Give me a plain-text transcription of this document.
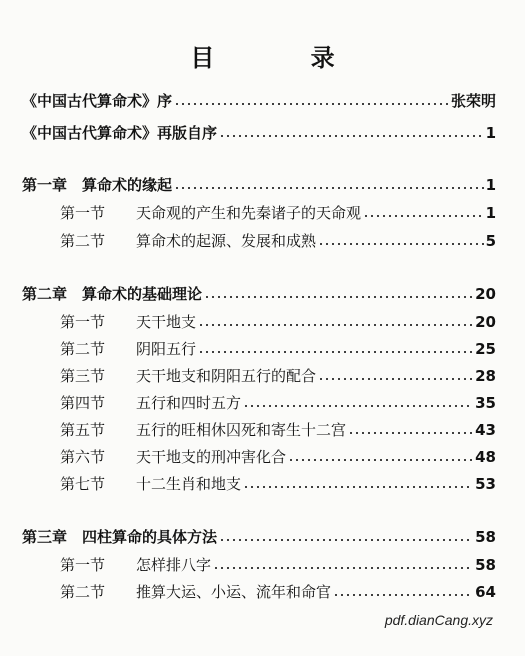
目 录
《中国古代算命术》序	张荣明
《中国古代算命术》再版自序	1
第一章　算命术的缘起	1
第一节	天命观的产生和先秦诸子的天命观	1
第二节	算命术的起源、发展和成熟	5
第二章　算命术的基础理论	20
第一节	天干地支	20
第二节	阴阳五行	25
第三节	天干地支和阴阳五行的配合	28
第四节	五行和四时五方	35
第五节	五行的旺相休囚死和寄生十二宫	43
第六节	天干地支的刑冲害化合	48
第七节	十二生肖和地支	53
第三章　四柱算命的具体方法	58
第一节	怎样排八字	58
第二节	推算大运、小运、流年和命官	64
pdf.dianCang.xyz
